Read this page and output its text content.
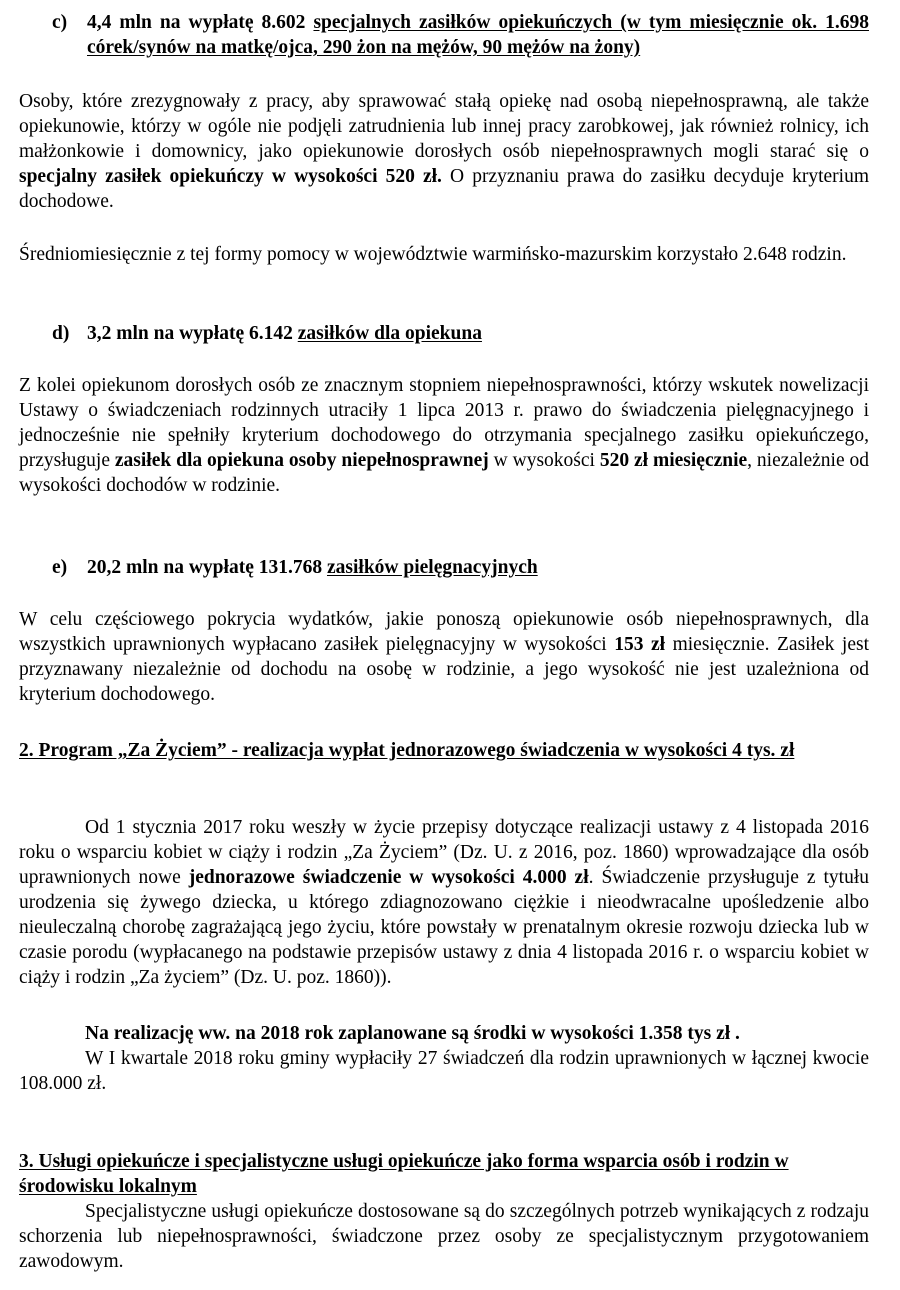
c) 4,4 mln na wypłatę 8.602 specjalnych zasiłków opiekuńczych (w tym miesięcznie ok. 1.698 córek/synów na matkę/ojca, 290 żon na mężów, 90 mężów na żony)

Osoby, które zrezygnowały z pracy, aby sprawować stałą opiekę nad osobą niepełnosprawną, ale także opiekunowie, którzy w ogóle nie podjęli zatrudnienia lub innej pracy zarobkowej, jak również rolnicy, ich małżonkowie i domownicy, jako opiekunowie dorosłych osób niepełnosprawnych mogli starać się o specjalny zasiłek opiekuńczy w wysokości 520 zł. O przyznaniu prawa do zasiłku decyduje kryterium dochodowe.

Średniomiesięcznie z tej formy pomocy w województwie warmińsko-mazurskim korzystało 2.648 rodzin.

d) 3,2 mln na wypłatę 6.142 zasiłków dla opiekuna

Z kolei opiekunom dorosłych osób ze znacznym stopniem niepełnosprawności, którzy wskutek nowelizacji Ustawy o świadczeniach rodzinnych utraciły 1 lipca 2013 r. prawo do świadczenia pielęgnacyjnego i jednocześnie nie spełniły kryterium dochodowego do otrzymania specjalnego zasiłku opiekuńczego, przysługuje zasiłek dla opiekuna osoby niepełnosprawnej w wysokości 520 zł miesięcznie, niezależnie od wysokości dochodów w rodzinie.

e) 20,2 mln na wypłatę 131.768 zasiłków pielęgnacyjnych

W celu częściowego pokrycia wydatków, jakie ponoszą opiekunowie osób niepełnosprawnych, dla wszystkich uprawnionych wypłacano zasiłek pielęgnacyjny w wysokości 153 zł miesięcznie. Zasiłek jest przyznawany niezależnie od dochodu na osobę w rodzinie, a jego wysokość nie jest uzależniona od kryterium dochodowego.

2. Program „Za Życiem” - realizacja wypłat jednorazowego świadczenia w wysokości 4 tys. zł

Od 1 stycznia 2017 roku weszły w życie przepisy dotyczące realizacji ustawy z 4 listopada 2016 roku o wsparciu kobiet w ciąży i rodzin „Za Życiem” (Dz. U. z 2016, poz. 1860) wprowadzające dla osób uprawnionych nowe jednorazowe świadczenie w wysokości 4.000 zł. Świadczenie przysługuje z tytułu urodzenia się żywego dziecka, u którego zdiagnozowano ciężkie i nieodwracalne upośledzenie albo nieuleczalną chorobę zagrażającą jego życiu, które powstały w prenatalnym okresie rozwoju dziecka lub w czasie porodu (wypłacanego na podstawie przepisów ustawy z dnia 4 listopada 2016 r. o wsparciu kobiet w ciąży i rodzin „Za życiem” (Dz. U. poz. 1860)).

Na realizację ww. na 2018 rok zaplanowane są środki w wysokości 1.358 tys zł .

W I kwartale 2018 roku gminy wypłaciły 27 świadczeń dla rodzin uprawnionych w łącznej kwocie 108.000 zł.

3. Usługi opiekuńcze i specjalistyczne usługi opiekuńcze jako forma wsparcia osób i rodzin w środowisku lokalnym

Specjalistyczne usługi opiekuńcze dostosowane są do szczególnych potrzeb wynikających z rodzaju schorzenia lub niepełnosprawności, świadczone przez osoby ze specjalistycznym przygotowaniem zawodowym.
